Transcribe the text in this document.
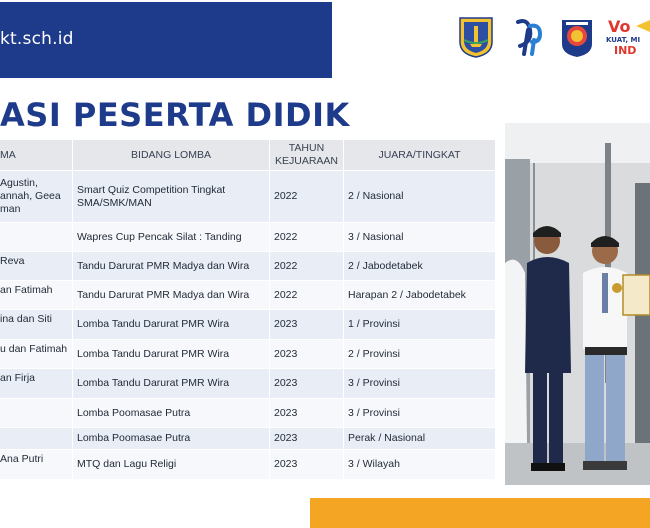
kt.sch.id
Vo
KUAT, MI
IND
ASI PESERTA DIDIK
MA	BIDANG LOMBA	TAHUN KEJUARAAN	JUARA/TINGKAT
Agustin, annah, Geea man	Smart Quiz Competition Tingkat SMA/SMK/MAN	2022	2 / Nasional
	Wapres Cup Pencak Silat : Tanding	2022	3 / Nasional
Reva	Tandu Darurat PMR Madya dan Wira	2022	2 / Jabodetabek
an Fatimah	Tandu Darurat PMR Madya dan Wira	2022	Harapan 2 / Jabodetabek
ina dan Siti	Lomba Tandu Darurat PMR Wira	2023	1 / Provinsi
u dan Fatimah	Lomba Tandu Darurat PMR Wira	2023	2 / Provinsi
an Firja	Lomba Tandu Darurat PMR Wira	2023	3 / Provinsi
	Lomba Poomasae Putra	2023	3 / Provinsi
	Lomba Poomasae Putra	2023	Perak / Nasional
Ana Putri	MTQ dan Lagu Religi	2023	3 / Wilayah
